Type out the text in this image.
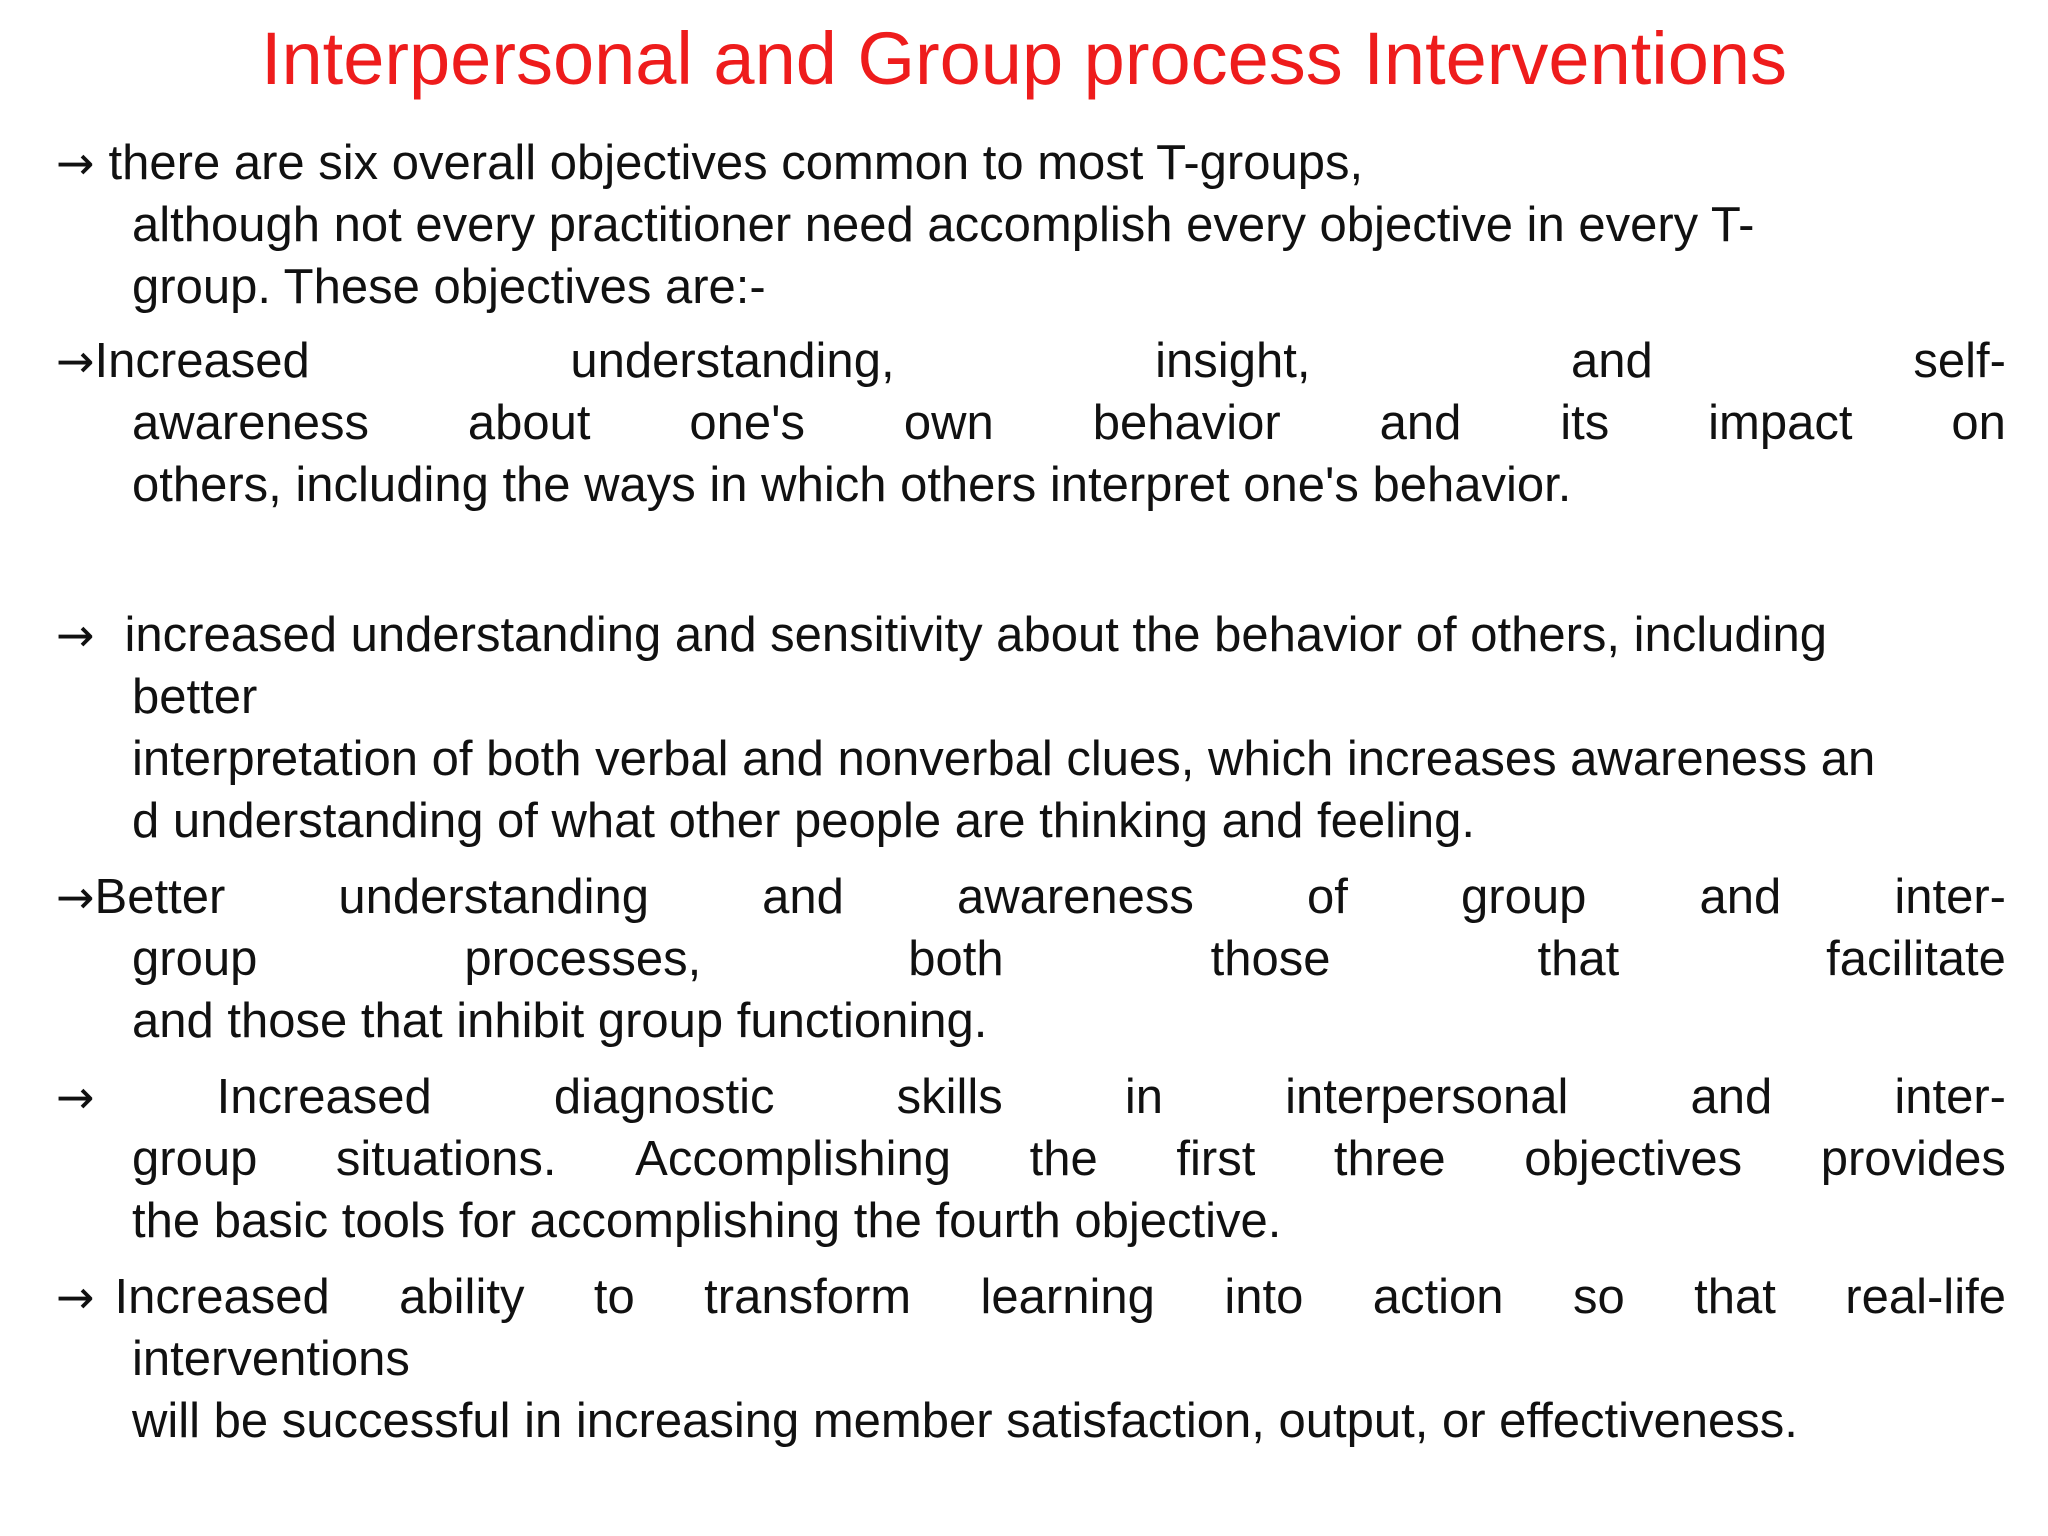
Interpersonal and Group process Interventions
→ there are six overall objectives common to most T-groups,
although not every practitioner need accomplish every objective in every T-
group. These objectives are:-
→Increased	understanding,	insight,	and	self-
awareness about one's own behavior and its impact on
others, including the ways in which others interpret one's behavior.
→ increased understanding and sensitivity about the behavior of others, including
better
interpretation of both verbal and nonverbal clues, which increases awareness an
d understanding of what other people are thinking and feeling.
→Better understanding and awareness of group and inter-
group	processes,	both	those	that	facilitate
and those that inhibit group functioning.
→ Increased diagnostic skills in interpersonal and inter-
group situations. Accomplishing the first three objectives provides
the basic tools for accomplishing the fourth objective.
→ Increased ability to transform learning into action so that real-life
interventions
will be successful in increasing member satisfaction, output, or effectiveness.
